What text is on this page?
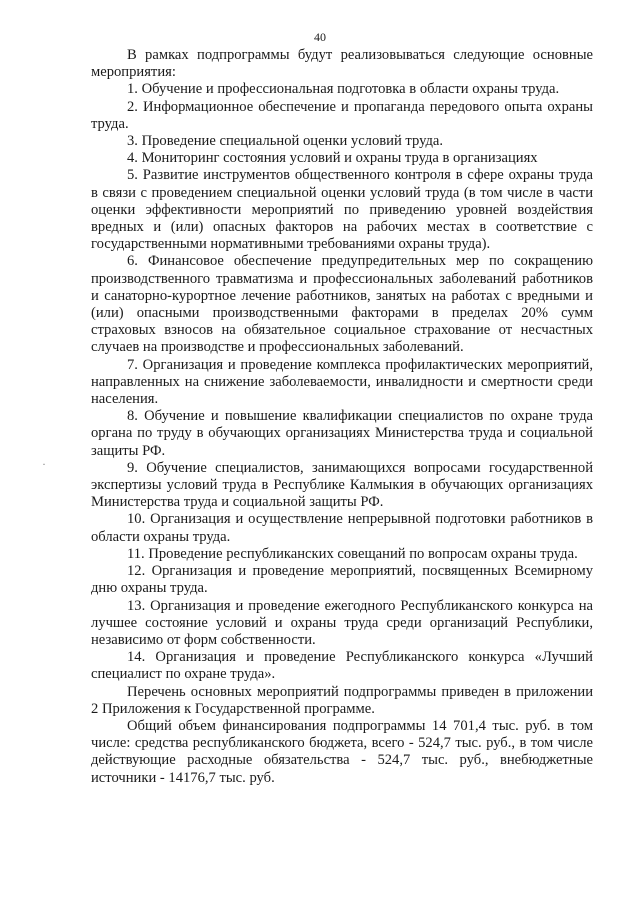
40
·

В рамках подпрограммы будут реализовываться следующие основные мероприятия:

1. Обучение и профессиональная подготовка в области охраны труда.

2. Информационное обеспечение и пропаганда передового опыта охраны труда.

3. Проведение специальной оценки условий труда.

4. Мониторинг состояния условий и охраны труда в организациях

5. Развитие инструментов общественного контроля в сфере охраны труда в связи с проведением специальной оценки условий труда (в том числе в части оценки эффективности мероприятий по приведению уровней воздействия вредных и (или) опасных факторов на рабочих местах в соответствие с государственными нормативными требованиями охраны труда).

6. Финансовое обеспечение предупредительных мер по сокращению производственного травматизма и профессиональных заболеваний работников и санаторно-курортное лечение работников, занятых на работах с вредными и (или) опасными производственными факторами в пределах 20% сумм страховых взносов на обязательное социальное страхование от несчастных случаев на производстве и профессиональных заболеваний.

7. Организация и проведение комплекса профилактических мероприятий, направленных на снижение заболеваемости, инвалидности и смертности среди населения.

8. Обучение и повышение квалификации специалистов по охране труда органа по труду в обучающих организациях Министерства труда и социальной защиты РФ.

9. Обучение специалистов, занимающихся вопросами государственной экспертизы условий труда в Республике Калмыкия в обучающих организациях Министерства труда и социальной защиты РФ.

10. Организация и осуществление непрерывной подготовки работников в области охраны труда.

11. Проведение республиканских совещаний по вопросам охраны труда.

12. Организация и проведение мероприятий, посвященных Всемирному дню охраны труда.

13. Организация и проведение ежегодного Республиканского конкурса на лучшее состояние условий и охраны труда среди организаций Республики, независимо от форм собственности.

14. Организация и проведение Республиканского конкурса «Лучший специалист по охране труда».

Перечень основных мероприятий подпрограммы приведен в приложении 2 Приложения к Государственной программе.

Общий объем финансирования подпрограммы 14 701,4 тыс. руб. в том числе: средства республиканского бюджета, всего - 524,7 тыс. руб., в том числе действующие расходные обязательства - 524,7 тыс. руб., внебюджетные источники - 14176,7 тыс. руб.
